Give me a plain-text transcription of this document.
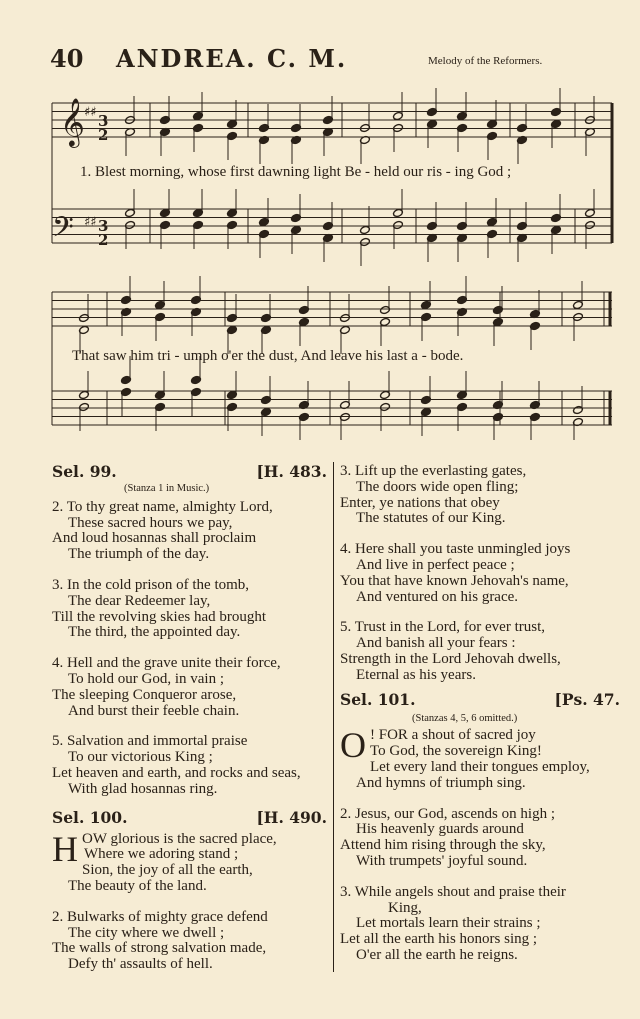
40 ANDREA. C. M.	Melody of the Reformers.
𝄞
𝄢
♯♯
♯♯
3
2
3
2
1. Blest morning, whose first dawning light Be - held our ris - ing God ;
That saw him tri - umph o'er the dust, And leave his last a - bode.
Sel. 99.	[H. 483.
(Stanza 1 in Music.)
2. To thy great name, almighty Lord,
These sacred hours we pay,
And loud hosannas shall proclaim
The triumph of the day.
3. In the cold prison of the tomb,
The dear Redeemer lay,
Till the revolving skies had brought
The third, the appointed day.
4. Hell and the grave unite their force,
To hold our God, in vain ;
The sleeping Conqueror arose,
And burst their feeble chain.
5. Salvation and immortal praise
To our victorious King ;
Let heaven and earth, and rocks and seas,
With glad hosannas ring.
Sel. 100.	[H. 490.
H OW glorious is the sacred place,
Where we adoring stand ;
Sion, the joy of all the earth,
The beauty of the land.
2. Bulwarks of mighty grace defend
The city where we dwell ;
The walls of strong salvation made,
Defy th' assaults of hell.
3. Lift up the everlasting gates,
The doors wide open fling;
Enter, ye nations that obey
The statutes of our King.
4. Here shall you taste unmingled joys
And live in perfect peace ;
You that have known Jehovah's name,
And ventured on his grace.
5. Trust in the Lord, for ever trust,
And banish all your fears :
Strength in the Lord Jehovah dwells,
Eternal as his years.
Sel. 101.	[Ps. 47.
(Stanzas 4, 5, 6 omitted.)
O ! FOR a shout of sacred joy
To God, the sovereign King!
Let every land their tongues employ,
And hymns of triumph sing.
2. Jesus, our God, ascends on high ;
His heavenly guards around
Attend him rising through the sky,
With trumpets' joyful sound.
3. While angels shout and praise their
King,
Let mortals learn their strains ;
Let all the earth his honors sing ;
O'er all the earth he reigns.
